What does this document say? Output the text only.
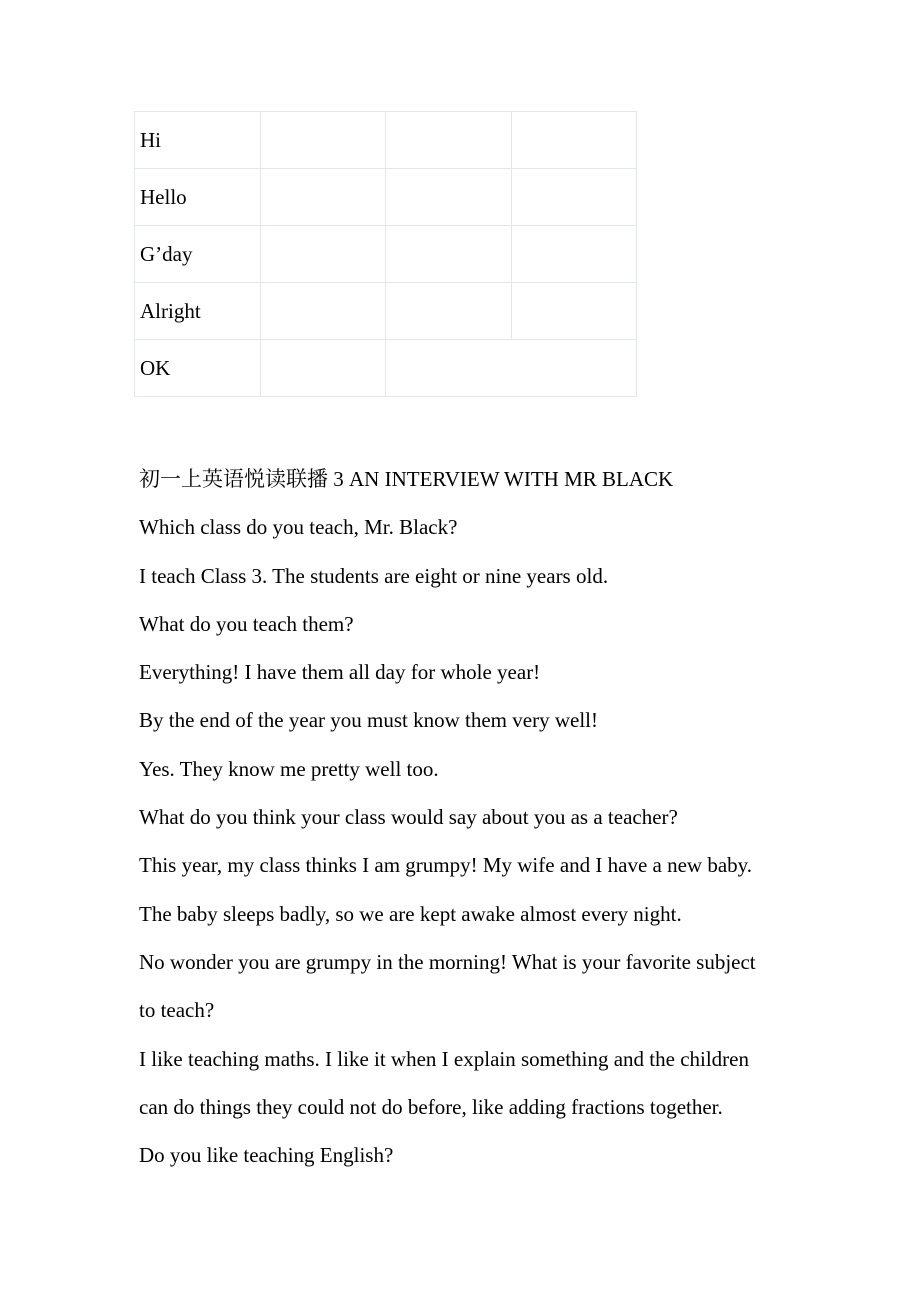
Hi			
Hello			
G’day			
Alright			
OK			
初一上英语悦读联播 3 AN INTERVIEW WITH MR BLACK
Which class do you teach, Mr. Black?
I teach Class 3. The students are eight or nine years old.
What do you teach them?
Everything! I have them all day for whole year!
By the end of the year you must know them very well!
Yes. They know me pretty well too.
What do you think your class would say about you as a teacher?
This year, my class thinks I am grumpy! My wife and I have a new baby.
The baby sleeps badly, so we are kept awake almost every night.
No wonder you are grumpy in the morning! What is your favorite subject
to teach?
I like teaching maths. I like it when I explain something and the children
can do things they could not do before, like adding fractions together.
Do you like teaching English?
